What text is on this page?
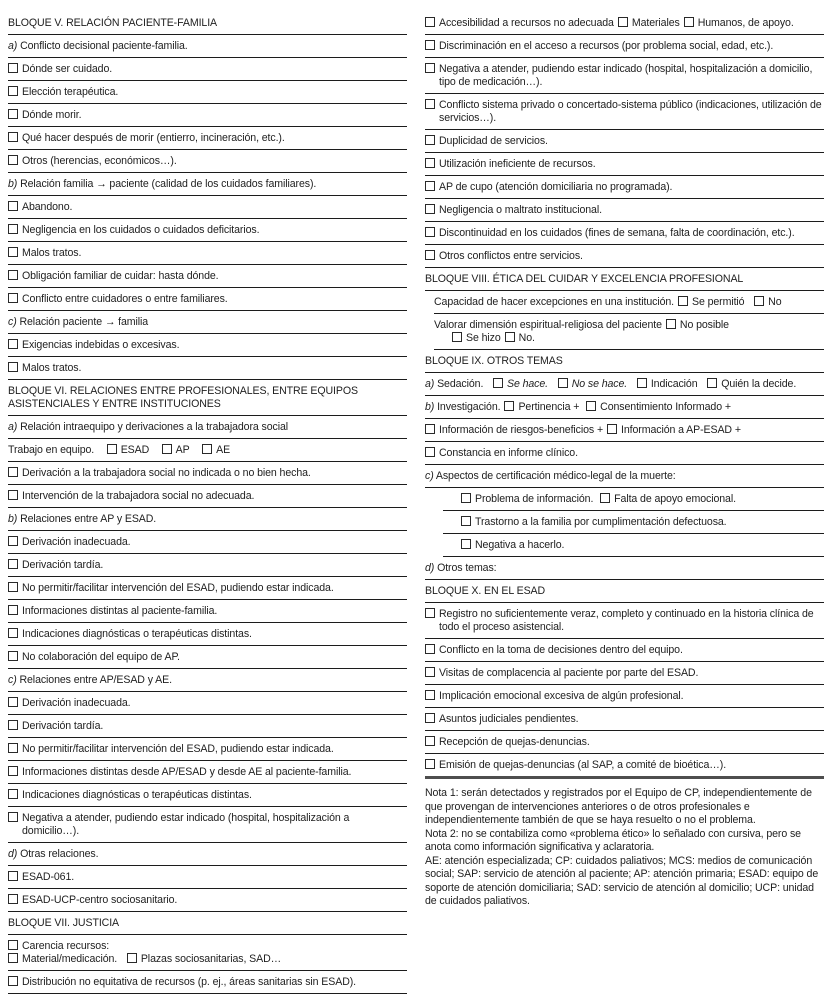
BLOQUE V. RELACIÓN PACIENTE-FAMILIA
a) Conflicto decisional paciente-familia.
Dónde ser cuidado.
Elección terapéutica.
Dónde morir.
Qué hacer después de morir (entierro, incineración, etc.).
Otros (herencias, económicos…).
b) Relación familia → paciente (calidad de los cuidados familiares).
Abandono.
Negligencia en los cuidados o cuidados deficitarios.
Malos tratos.
Obligación familiar de cuidar: hasta dónde.
Conflicto entre cuidadores o entre familiares.
c) Relación paciente → familia
Exigencias indebidas o excesivas.
Malos tratos.
BLOQUE VI. RELACIONES ENTRE PROFESIONALES, ENTRE EQUIPOS ASISTENCIALES Y ENTRE INSTITUCIONES
a) Relación intraequipo y derivaciones a la trabajadora social
Trabajo en equipo.   ESAD   AP   AE
Derivación a la trabajadora social no indicada o no bien hecha.
Intervención de la trabajadora social no adecuada.
b) Relaciones entre AP y ESAD.
Derivación inadecuada.
Derivación tardía.
No permitir/facilitar intervención del ESAD, pudiendo estar indicada.
Informaciones distintas al paciente-familia.
Indicaciones diagnósticas o terapéuticas distintas.
No colaboración del equipo de AP.
c) Relaciones entre AP/ESAD y AE.
Derivación inadecuada.
Derivación tardía.
No permitir/facilitar intervención del ESAD, pudiendo estar indicada.
Informaciones distintas desde AP/ESAD y desde AE al paciente-familia.
Indicaciones diagnósticas o terapéuticas distintas.
Negativa a atender, pudiendo estar indicado (hospital, hospitalización a domicilio…).
d) Otras relaciones.
ESAD-061.
ESAD-UCP-centro sociosanitario.
BLOQUE VII. JUSTICIA
Carencia recursos:
Material/medicación.  Plazas sociosanitarias, SAD…
Distribución no equitativa de recursos (p. ej., áreas sanitarias sin ESAD).
Accesibilidad a recursos no adecuada Materiales Humanos, de apoyo.
Discriminación en el acceso a recursos (por problema social, edad, etc.).
Negativa a atender, pudiendo estar indicado (hospital, hospitalización a domicilio, tipo de medicación…).
Conflicto sistema privado o concertado-sistema público (indicaciones, utilización de servicios…).
Duplicidad de servicios.
Utilización ineficiente de recursos.
AP de cupo (atención domiciliaria no programada).
Negligencia o maltrato institucional.
Discontinuidad en los cuidados (fines de semana, falta de coordinación, etc.).
Otros conflictos entre servicios.
BLOQUE VIII. ÉTICA DEL CUIDAR Y EXCELENCIA PROFESIONAL
Capacidad de hacer excepciones en una institución. Se permitió  No
Valorar dimensión espiritual-religiosa del paciente No posible
Se hizo No.
BLOQUE IX. OTROS TEMAS
a) Sedación.  Se hace.  No se hace.  Indicación  Quién la decide.
b) Investigación. Pertinencia + Consentimiento Informado +
Información de riesgos-beneficios + Información a AP-ESAD +
Constancia en informe clínico.
c) Aspectos de certificación médico-legal de la muerte:
Problema de información. Falta de apoyo emocional.
Trastorno a la familia por cumplimentación defectuosa.
Negativa a hacerlo.
d) Otros temas:
BLOQUE X. EN EL ESAD
Registro no suficientemente veraz, completo y continuado en la historia clínica de todo el proceso asistencial.
Conflicto en la toma de decisiones dentro del equipo.
Visitas de complacencia al paciente por parte del ESAD.
Implicación emocional excesiva de algún profesional.
Asuntos judiciales pendientes.
Recepción de quejas-denuncias.
Emisión de quejas-denuncias (al SAP, a comité de bioética…).

Nota 1: serán detectados y registrados por el Equipo de CP, independientemente de que provengan de intervenciones anteriores o de otros profesionales e independientemente también de que se haya resuelto o no el problema.

Nota 2: no se contabiliza como «problema ético» lo señalado con cursiva, pero se anota como información significativa y aclaratoria.

AE: atención especializada; CP: cuidados paliativos; MCS: medios de comunicación social; SAP: servicio de atención al paciente; AP: atención primaria; ESAD: equipo de soporte de atención domiciliaria; SAD: servicio de atención al domicilio; UCP: unidad de cuidados paliativos.
